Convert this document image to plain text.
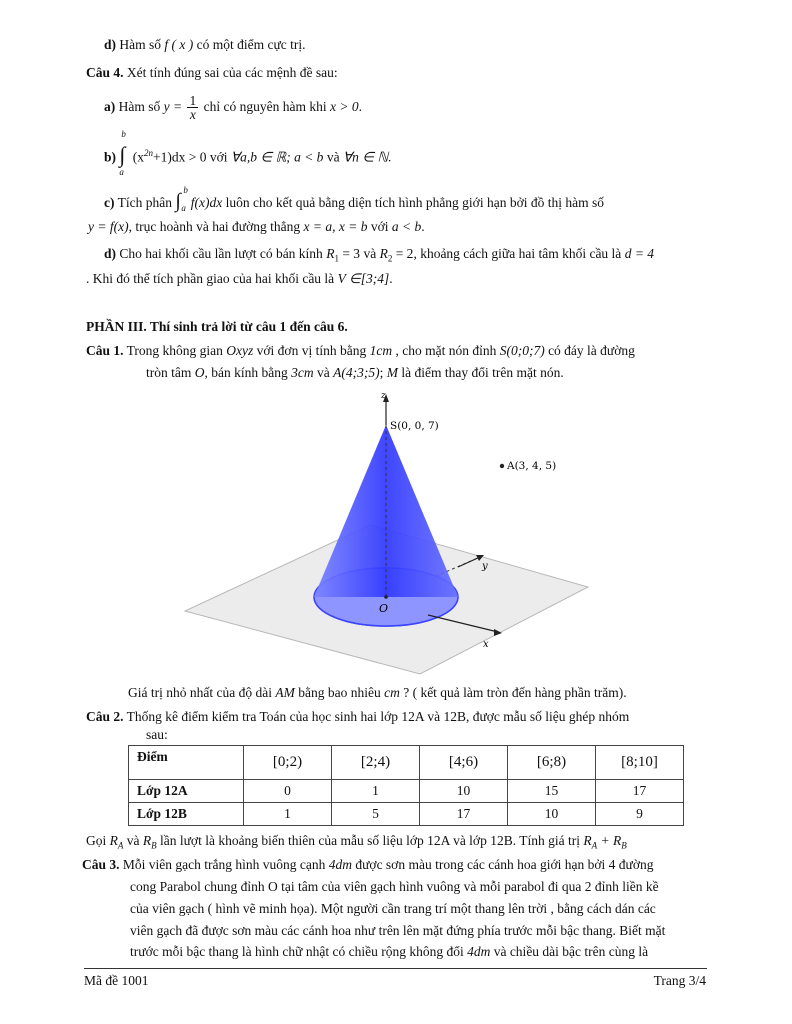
d) Hàm số f ( x ) có một điểm cực trị.
Câu 4. Xét tính đúng sai của các mệnh đề sau:
a) Hàm số $y = \frac{1}{x}$ chỉ có nguyên hàm khi x > 0.
b) ∫
b
a
$(x^{2n}+1)dx > 0$ với ∀a,b ∈ ℝ; a < b và ∀n ∈ ℕ.
c) Tích phân ∫ b
a f(x)dx luôn cho kết quả bằng diện tích hình phẳng giới hạn bởi đồ thị hàm số
y = f(x), trục hoành và hai đường thẳng x = a, x = b với a < b.
d) Cho hai khối cầu lần lượt có bán kính $R_1 = 3$ và $R_2 = 2$, khoảng cách giữa hai tâm khối cầu là d = 4
. Khi đó thể tích phần giao của hai khối cầu là V ∈[3;4].
PHẦN III. Thí sinh trả lời từ câu 1 đến câu 6.
Câu 1. Trong không gian Oxyz với đơn vị tính bằng 1cm , cho mặt nón đỉnh S(0;0;7) có đáy là đường
tròn tâm O, bán kính bằng 3cm và A(4;3;5); M là điểm thay đổi trên mặt nón.
z
y
x
O
S(0, 0, 7)
A(3, 4, 5)
Giá trị nhỏ nhất của độ dài AM bằng bao nhiêu cm ? ( kết quả làm tròn đến hàng phần trăm).
Câu 2. Thống kê điểm kiểm tra Toán của học sinh hai lớp 12A và 12B, được mẫu số liệu ghép nhóm
sau:
Điểm	[0;2)	[2;4)	[4;6)	[6;8)	[8;10]
Lớp 12A	0	1	10	15	17
Lớp 12B	1	5	17	10	9
Gọi $R_A$ và $R_B$ lần lượt là khoảng biến thiên của mẫu số liệu lớp 12A và lớp 12B. Tính giá trị $R_A + R_B$
Câu 3. Mỗi viên gạch trắng hình vuông cạnh 4dm được sơn màu trong các cánh hoa giới hạn bởi 4 đường
cong Parabol chung đỉnh O tại tâm của viên gạch hình vuông và mỗi parabol đi qua 2 đỉnh liền kề
của viên gạch ( hình vẽ minh họa). Một người cần trang trí một thang lên trời , bằng cách dán các
viên gạch đã được sơn màu các cánh hoa như trên lên mặt đứng phía trước mỗi bậc thang. Biết mặt
trước mỗi bậc thang là hình chữ nhật có chiều rộng không đổi 4dm và chiều dài bậc trên cùng là
Mã đề 1001	Trang 3/4
